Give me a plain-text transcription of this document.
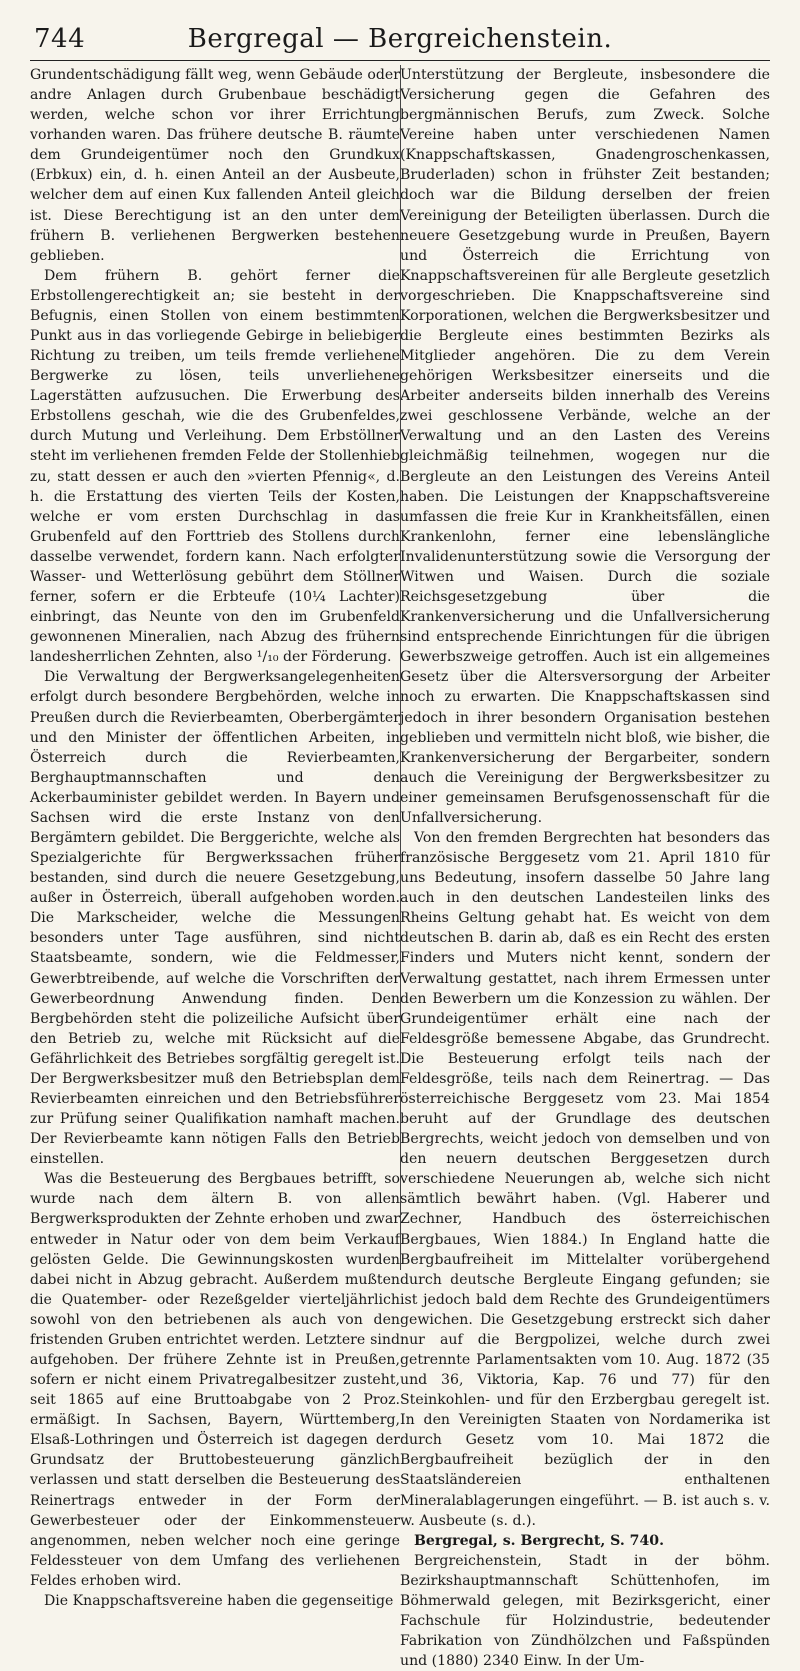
744	Bergregal — Bergreichenstein.

Grundentschädigung fällt weg, wenn Gebäude oder andre Anlagen durch Grubenbaue beschädigt werden, welche schon vor ihrer Errichtung vorhanden waren. Das frühere deutsche B. räumte dem Grundeigentümer noch den Grundkux (Erbkux) ein, d. h. einen Anteil an der Ausbeute, welcher dem auf einen Kux fallenden Anteil gleich ist. Diese Berechtigung ist an den unter dem frühern B. verliehenen Bergwerken bestehen geblieben.

Dem frühern B. gehört ferner die Erbstollengerechtigkeit an; sie besteht in der Befugnis, einen Stollen von einem bestimmten Punkt aus in das vorliegende Gebirge in beliebiger Richtung zu treiben, um teils fremde verliehene Bergwerke zu lösen, teils unverliehene Lagerstätten aufzusuchen. Die Erwerbung des Erbstollens geschah, wie die des Grubenfeldes, durch Mutung und Verleihung. Dem Erbstöllner steht im verliehenen fremden Felde der Stollenhieb zu, statt dessen er auch den »vierten Pfennig«, d. h. die Erstattung des vierten Teils der Kosten, welche er vom ersten Durchschlag in das Grubenfeld auf den Forttrieb des Stollens durch dasselbe verwendet, fordern kann. Nach erfolgter Wasser- und Wetterlösung gebührt dem Stöllner ferner, sofern er die Erbteufe (10¼ Lachter) einbringt, das Neunte von den im Grubenfeld gewonnenen Mineralien, nach Abzug des frühern landesherrlichen Zehnten, also ¹/₁₀ der Förderung.

Die Verwaltung der Bergwerksangelegenheiten erfolgt durch besondere Bergbehörden, welche in Preußen durch die Revierbeamten, Oberbergämter und den Minister der öffentlichen Arbeiten, in Österreich durch die Revierbeamten, Berghauptmannschaften und den Ackerbauminister gebildet werden. In Bayern und Sachsen wird die erste Instanz von den Bergämtern gebildet. Die Berggerichte, welche als Spezialgerichte für Bergwerkssachen früher bestanden, sind durch die neuere Gesetzgebung, außer in Österreich, überall aufgehoben worden. Die Markscheider, welche die Messungen besonders unter Tage ausführen, sind nicht Staatsbeamte, sondern, wie die Feldmesser, Gewerbtreibende, auf welche die Vorschriften der Gewerbeordnung Anwendung finden. Den Bergbehörden steht die polizeiliche Aufsicht über den Betrieb zu, welche mit Rücksicht auf die Gefährlichkeit des Betriebes sorgfältig geregelt ist. Der Bergwerksbesitzer muß den Betriebsplan dem Revierbeamten einreichen und den Betriebsführer zur Prüfung seiner Qualifikation namhaft machen. Der Revierbeamte kann nötigen Falls den Betrieb einstellen.

Was die Besteuerung des Bergbaues betrifft, so wurde nach dem ältern B. von allen Bergwerksprodukten der Zehnte erhoben und zwar entweder in Natur oder von dem beim Verkauf gelösten Gelde. Die Gewinnungskosten wurden dabei nicht in Abzug gebracht. Außerdem mußten die Quatember- oder Rezeßgelder vierteljährlich sowohl von den betriebenen als auch von den fristenden Gruben entrichtet werden. Letztere sind aufgehoben. Der frühere Zehnte ist in Preußen, sofern er nicht einem Privatregalbesitzer zusteht, seit 1865 auf eine Bruttoabgabe von 2 Proz. ermäßigt. In Sachsen, Bayern, Württemberg, Elsaß-Lothringen und Österreich ist dagegen der Grundsatz der Bruttobesteuerung gänzlich verlassen und statt derselben die Besteuerung des Reinertrags entweder in der Form der Gewerbesteuer oder der Einkommensteuer angenommen, neben welcher noch eine geringe Feldessteuer von dem Umfang des verliehenen Feldes erhoben wird.

Die Knappschaftsvereine haben die gegenseitige

Unterstützung der Bergleute, insbesondere die Versicherung gegen die Gefahren des bergmännischen Berufs, zum Zweck. Solche Vereine haben unter verschiedenen Namen (Knappschaftskassen, Gnadengroschenkassen, Bruderladen) schon in frühster Zeit bestanden; doch war die Bildung derselben der freien Vereinigung der Beteiligten überlassen. Durch die neuere Gesetzgebung wurde in Preußen, Bayern und Österreich die Errichtung von Knappschaftsvereinen für alle Bergleute gesetzlich vorgeschrieben. Die Knappschaftsvereine sind Korporationen, welchen die Bergwerksbesitzer und die Bergleute eines bestimmten Bezirks als Mitglieder angehören. Die zu dem Verein gehörigen Werksbesitzer einerseits und die Arbeiter anderseits bilden innerhalb des Vereins zwei geschlossene Verbände, welche an der Verwaltung und an den Lasten des Vereins gleichmäßig teilnehmen, wogegen nur die Bergleute an den Leistungen des Vereins Anteil haben. Die Leistungen der Knappschaftsvereine umfassen die freie Kur in Krankheitsfällen, einen Krankenlohn, ferner eine lebenslängliche Invalidenunterstützung sowie die Versorgung der Witwen und Waisen. Durch die soziale Reichsgesetzgebung über die Krankenversicherung und die Unfallversicherung sind entsprechende Einrichtungen für die übrigen Gewerbszweige getroffen. Auch ist ein allgemeines Gesetz über die Altersversorgung der Arbeiter noch zu erwarten. Die Knappschaftskassen sind jedoch in ihrer besondern Organisation bestehen geblieben und vermitteln nicht bloß, wie bisher, die Krankenversicherung der Bergarbeiter, sondern auch die Vereinigung der Bergwerksbesitzer zu einer gemeinsamen Berufsgenossenschaft für die Unfallversicherung.

Von den fremden Bergrechten hat besonders das französische Berggesetz vom 21. April 1810 für uns Bedeutung, insofern dasselbe 50 Jahre lang auch in den deutschen Landesteilen links des Rheins Geltung gehabt hat. Es weicht von dem deutschen B. darin ab, daß es ein Recht des ersten Finders und Muters nicht kennt, sondern der Verwaltung gestattet, nach ihrem Ermessen unter den Bewerbern um die Konzession zu wählen. Der Grundeigentümer erhält eine nach der Feldesgröße bemessene Abgabe, das Grundrecht. Die Besteuerung erfolgt teils nach der Feldesgröße, teils nach dem Reinertrag. — Das österreichische Berggesetz vom 23. Mai 1854 beruht auf der Grundlage des deutschen Bergrechts, weicht jedoch von demselben und von den neuern deutschen Berggesetzen durch verschiedene Neuerungen ab, welche sich nicht sämtlich bewährt haben. (Vgl. Haberer und Zechner, Handbuch des österreichischen Bergbaues, Wien 1884.) In England hatte die Bergbaufreiheit im Mittelalter vorübergehend durch deutsche Bergleute Eingang gefunden; sie ist jedoch bald dem Rechte des Grundeigentümers gewichen. Die Gesetzgebung erstreckt sich daher nur auf die Bergpolizei, welche durch zwei getrennte Parlamentsakten vom 10. Aug. 1872 (35 und 36, Viktoria, Kap. 76 und 77) für den Steinkohlen- und für den Erzbergbau geregelt ist. In den Vereinigten Staaten von Nordamerika ist durch Gesetz vom 10. Mai 1872 die Bergbaufreiheit bezüglich der in den Staatsländereien enthaltenen Mineralablagerungen eingeführt. — B. ist auch s. v. w. Ausbeute (s. d.).

Bergregal, s. Bergrecht, S. 740.

Bergreichenstein, Stadt in der böhm. Bezirkshauptmannschaft Schüttenhofen, im Böhmerwald gelegen, mit Bezirksgericht, einer Fachschule für Holzindustrie, bedeutender Fabrikation von Zündhölzchen und Faßspünden und (1880) 2340 Einw. In der Um-
